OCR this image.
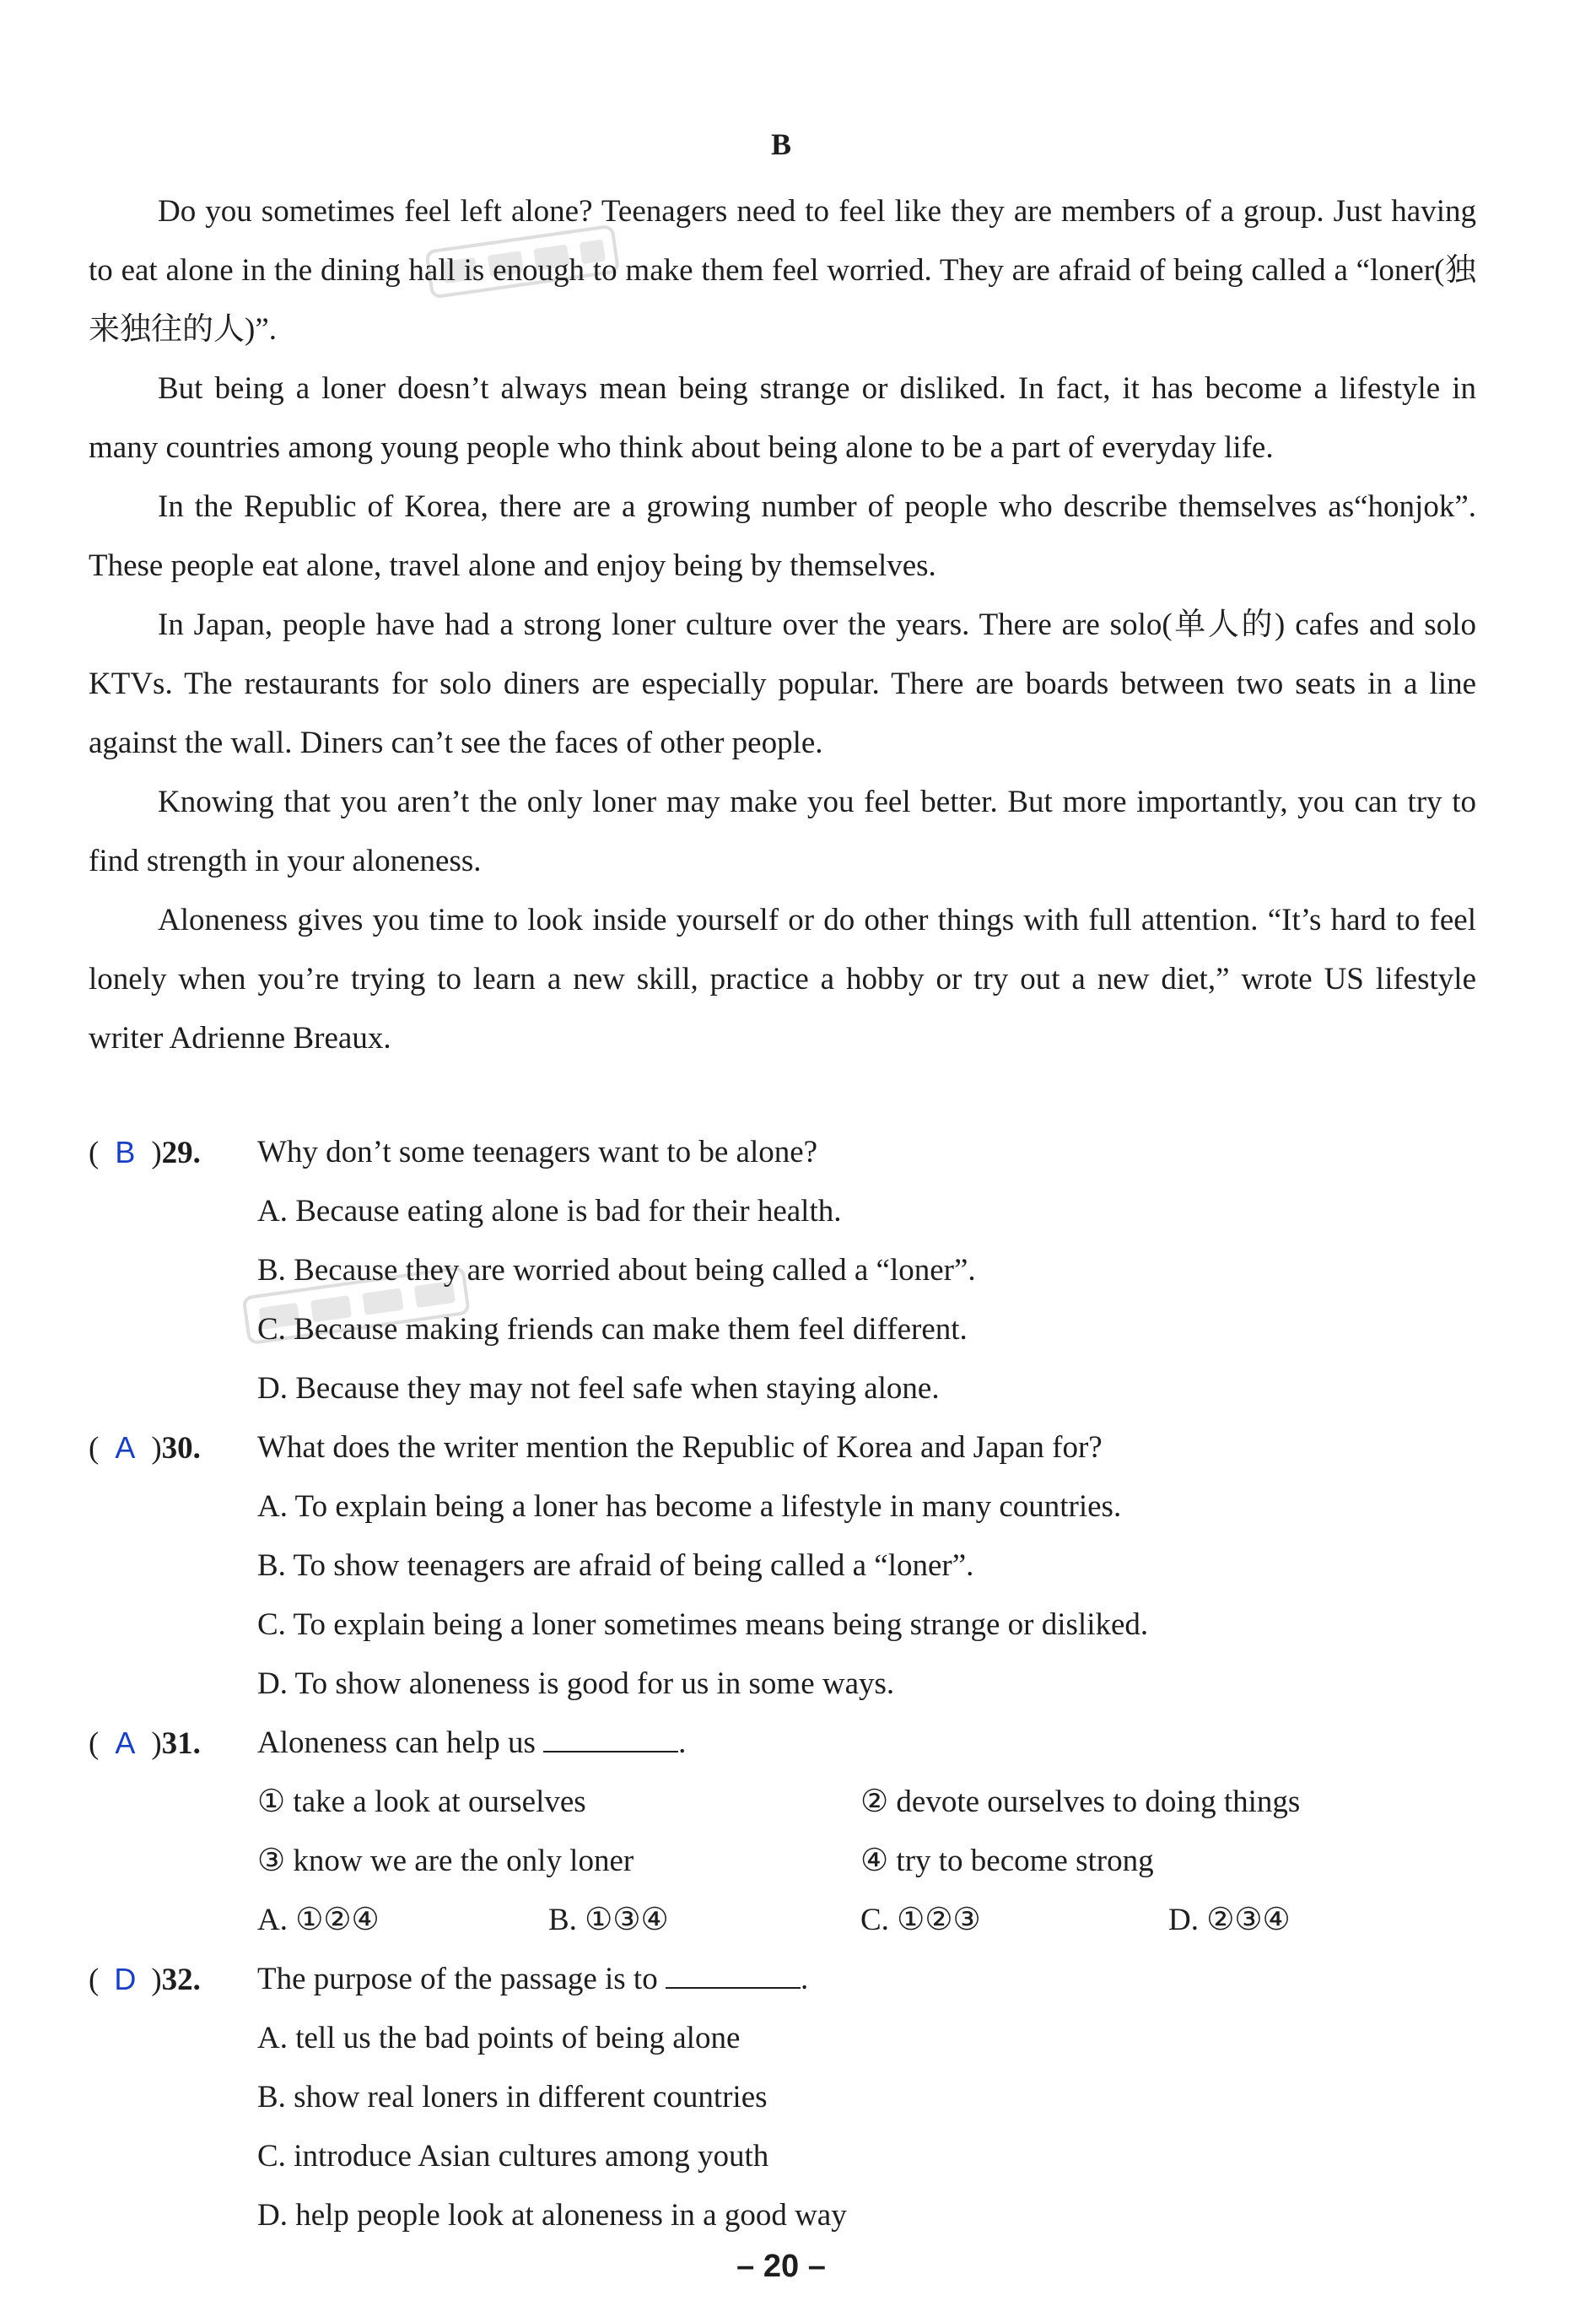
B

Do you sometimes feel left alone? Teenagers need to feel like they are members of a group. Just having to eat alone in the dining hall is enough to make them feel worried. They are afraid of being called a “loner(独来独往的人)”.

But being a loner doesn’t always mean being strange or disliked. In fact, it has become a lifestyle in many countries among young people who think about being alone to be a part of everyday life.

In the Republic of Korea, there are a growing number of people who describe themselves as“honjok”. These people eat alone, travel alone and enjoy being by themselves.

In Japan, people have had a strong loner culture over the years. There are solo(单人的) cafes and solo KTVs. The restaurants for solo diners are especially popular. There are boards between two seats in a line against the wall. Diners can’t see the faces of other people.

Knowing that you aren’t the only loner may make you feel better. But more importantly, you can try to find strength in your aloneness.

Aloneness gives you time to look inside yourself or do other things with full attention. “It’s hard to feel lonely when you’re trying to learn a new skill, practice a hobby or try out a new diet,” wrote US lifestyle writer Adrienne Breaux.

( B )29.	Why don’t some teenagers want to be alone?
A. Because eating alone is bad for their health.
B. Because they are worried about being called a “loner”.
C. Because making friends can make them feel different.
D. Because they may not feel safe when staying alone.
( A )30.	What does the writer mention the Republic of Korea and Japan for?
A. To explain being a loner has become a lifestyle in many countries.
B. To show teenagers are afraid of being called a “loner”.
C. To explain being a loner sometimes means being strange or disliked.
D. To show aloneness is good for us in some ways.
( A )31.	Aloneness can help us	.
① take a look at ourselves	② devote ourselves to doing things
③ know we are the only loner	④ try to become strong
A. ①②④	B. ①③④	C. ①②③	D. ②③④
( D )32.	The purpose of the passage is to	.
A. tell us the bad points of being alone
B. show real loners in different countries
C. introduce Asian cultures among youth
D. help people look at aloneness in a good way
– 20 –
